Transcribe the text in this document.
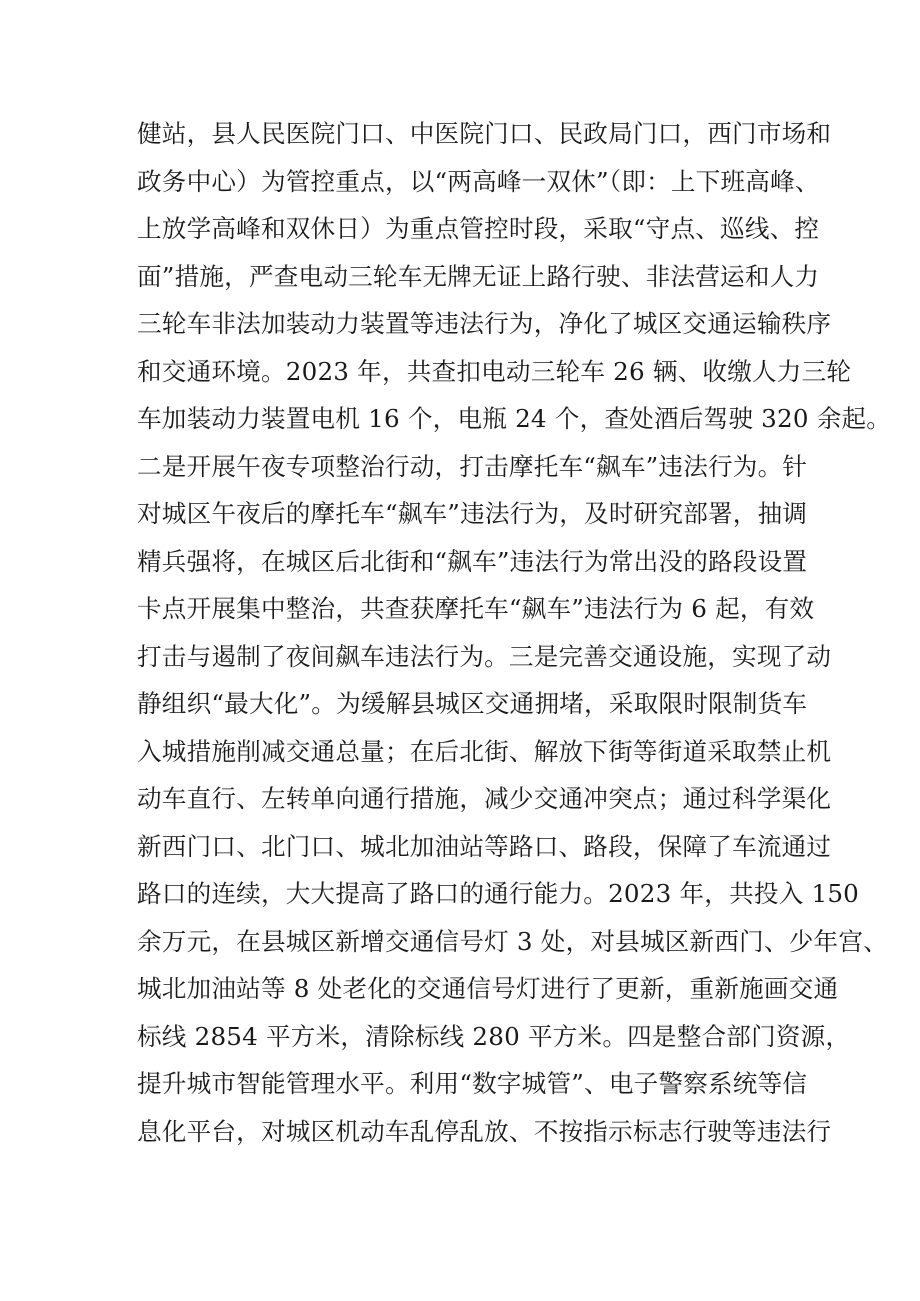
健站，县人民医院门口、中医院门口、民政局门口，西门市场和
政务中心）为管控重点，以“两高峰一双休”（即：上下班高峰、
上放学高峰和双休日）为重点管控时段，采取“守点、巡线、控
面”措施，严查电动三轮车无牌无证上路行驶、非法营运和人力
三轮车非法加装动力装置等违法行为，净化了城区交通运输秩序
和交通环境。2023 年，共查扣电动三轮车 26 辆、收缴人力三轮
车加装动力装置电机 16 个，电瓶 24 个，查处酒后驾驶 320 余起。
二是开展午夜专项整治行动，打击摩托车“飙车”违法行为。针
对城区午夜后的摩托车“飙车”违法行为，及时研究部署，抽调
精兵强将，在城区后北街和“飙车”违法行为常出没的路段设置
卡点开展集中整治，共查获摩托车“飙车”违法行为 6 起，有效
打击与遏制了夜间飙车违法行为。三是完善交通设施，实现了动
静组织“最大化”。为缓解县城区交通拥堵，采取限时限制货车
入城措施削减交通总量；在后北街、解放下街等街道采取禁止机
动车直行、左转单向通行措施，减少交通冲突点；通过科学渠化
新西门口、北门口、城北加油站等路口、路段，保障了车流通过
路口的连续，大大提高了路口的通行能力。2023 年，共投入 150
余万元，在县城区新增交通信号灯 3 处，对县城区新西门、少年宫、
城北加油站等 8 处老化的交通信号灯进行了更新，重新施画交通
标线 2854 平方米，清除标线 280 平方米。四是整合部门资源，
提升城市智能管理水平。利用“数字城管”、电子警察系统等信
息化平台，对城区机动车乱停乱放、不按指示标志行驶等违法行
